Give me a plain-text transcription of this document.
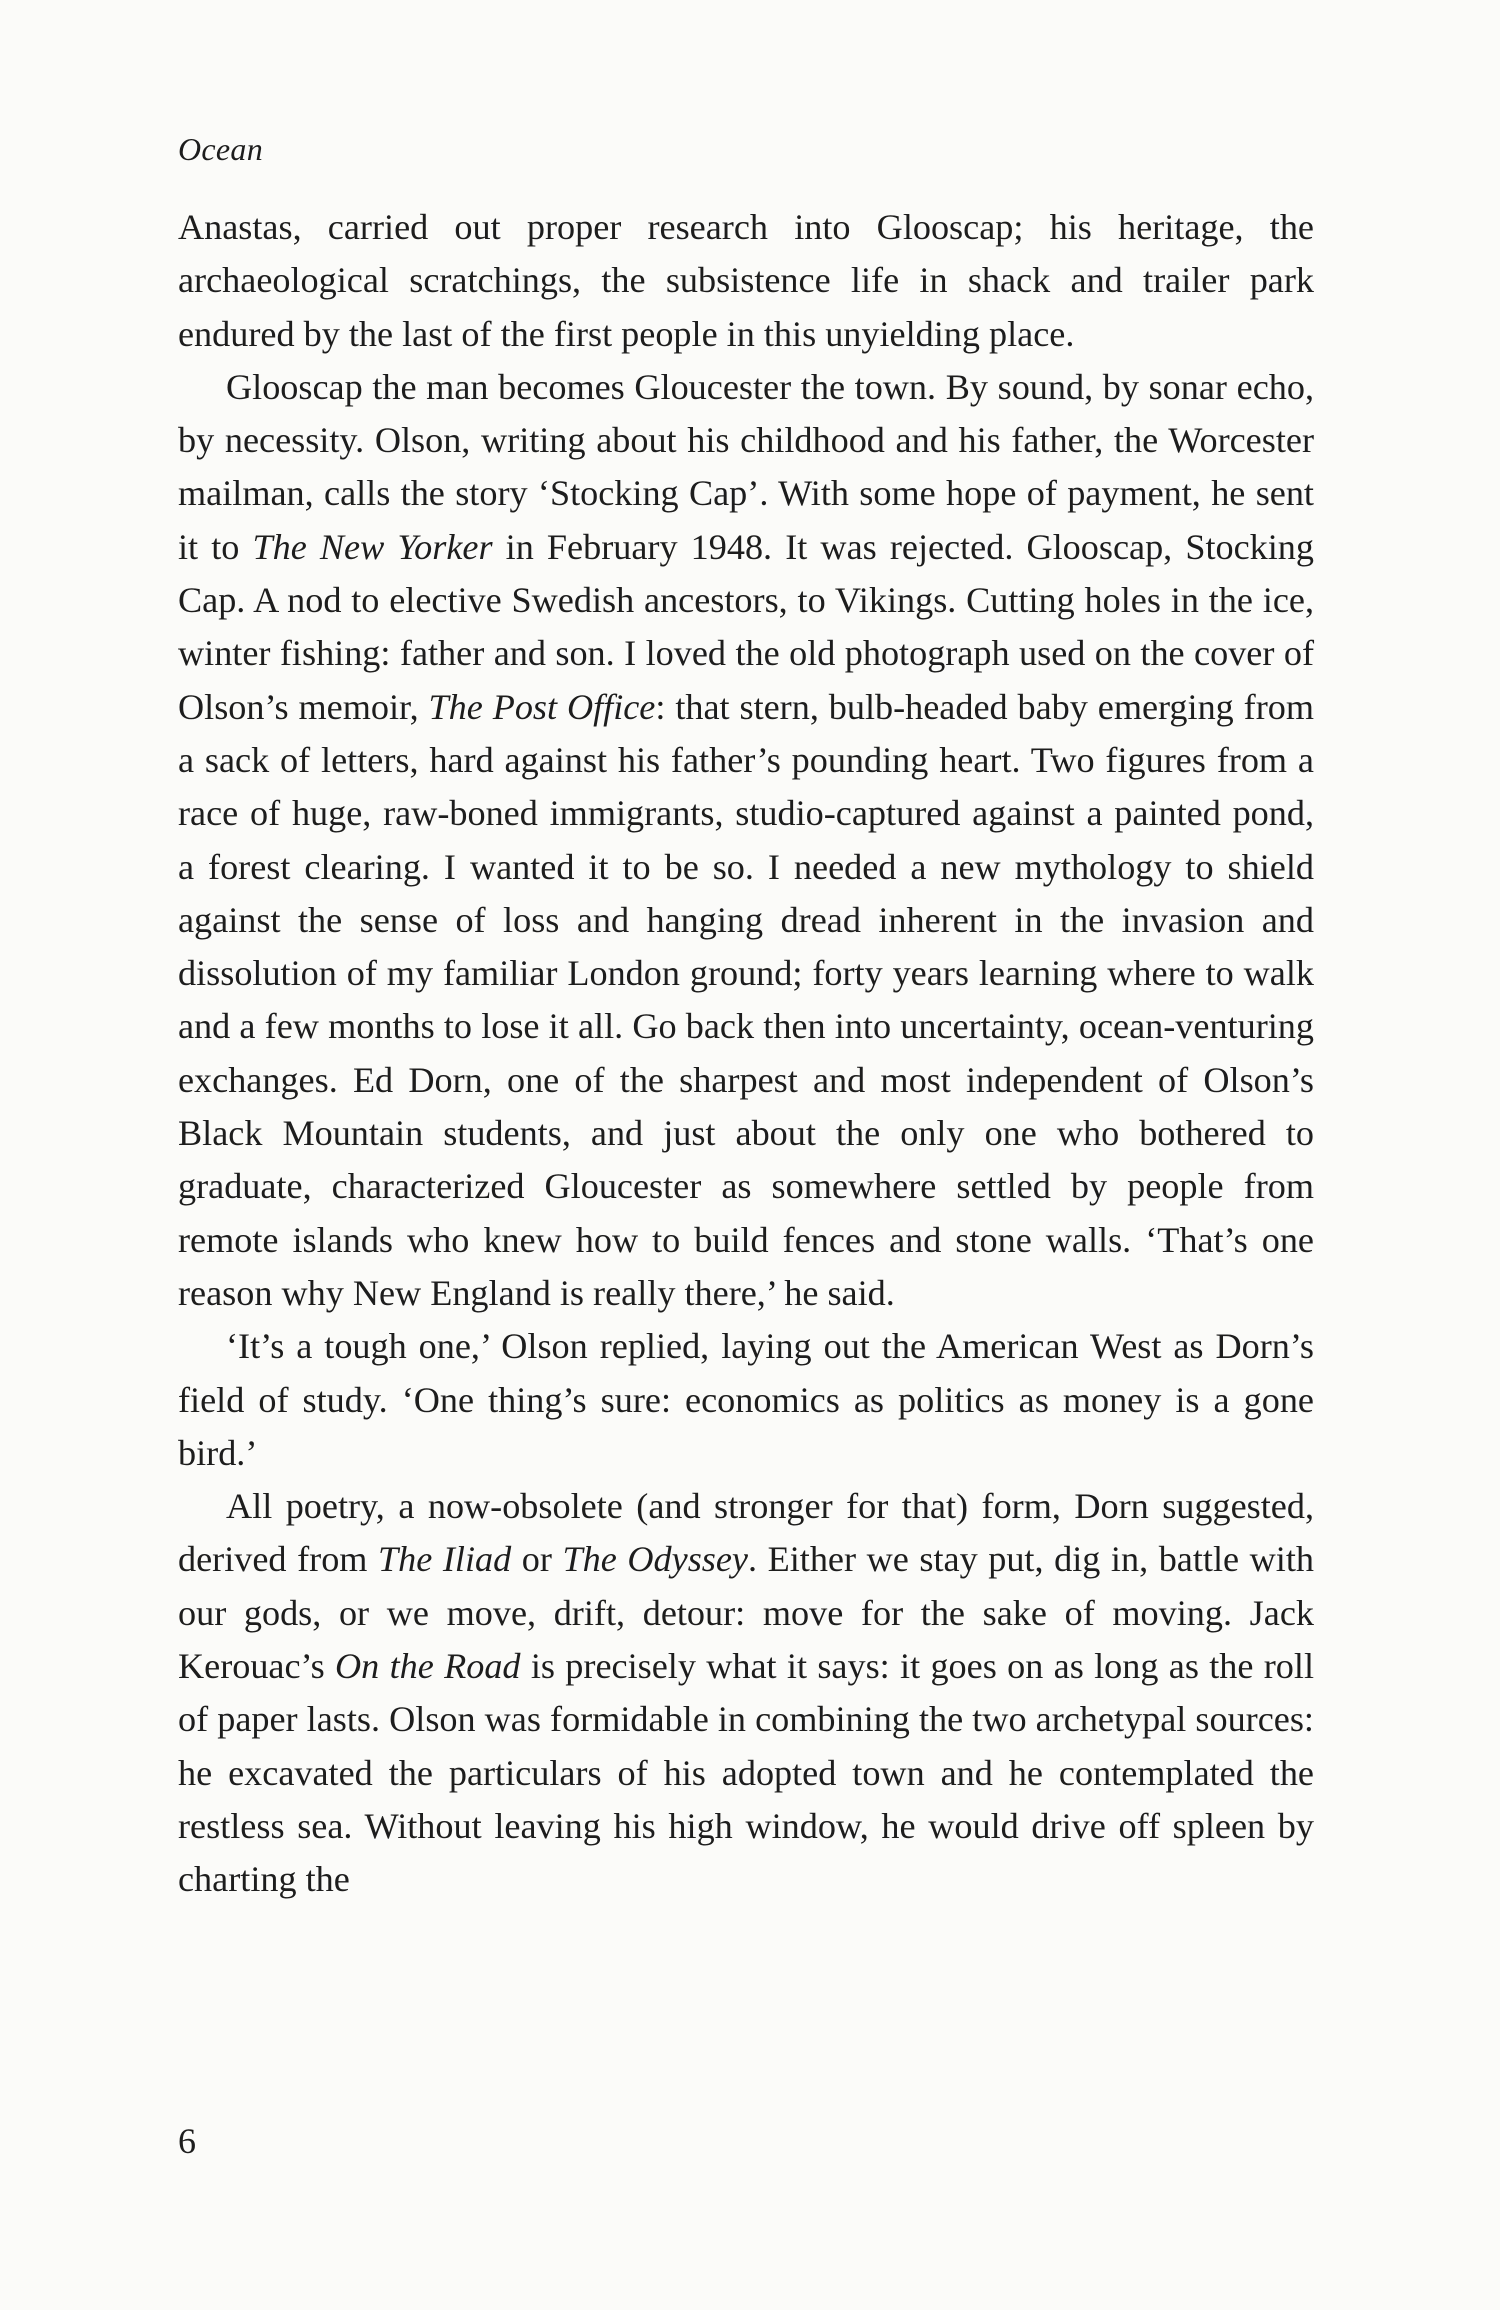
Ocean

Anastas, carried out proper research into Glooscap; his heritage, the archaeological scratchings, the subsistence life in shack and trailer park endured by the last of the first people in this unyielding place.

Glooscap the man becomes Gloucester the town. By sound, by sonar echo, by necessity. Olson, writing about his childhood and his father, the Worcester mailman, calls the story ‘Stocking Cap’. With some hope of payment, he sent it to The New Yorker in February 1948. It was rejected. Glooscap, Stocking Cap. A nod to elective Swedish ancestors, to Vikings. Cutting holes in the ice, winter fishing: father and son. I loved the old photograph used on the cover of Olson’s memoir, The Post Office: that stern, bulb-headed baby emerging from a sack of letters, hard against his father’s pounding heart. Two figures from a race of huge, raw-boned immigrants, studio-captured against a painted pond, a forest clearing. I wanted it to be so. I needed a new mythology to shield against the sense of loss and hanging dread inherent in the invasion and dissolution of my familiar London ground; forty years learning where to walk and a few months to lose it all. Go back then into uncertainty, ocean-venturing exchanges. Ed Dorn, one of the sharpest and most independent of Olson’s Black Mountain students, and just about the only one who bothered to graduate, characterized Gloucester as somewhere settled by people from remote islands who knew how to build fences and stone walls. ‘That’s one reason why New England is really there,’ he said.

‘It’s a tough one,’ Olson replied, laying out the American West as Dorn’s field of study. ‘One thing’s sure: economics as politics as money is a gone bird.’

All poetry, a now-obsolete (and stronger for that) form, Dorn suggested, derived from The Iliad or The Odyssey. Either we stay put, dig in, battle with our gods, or we move, drift, detour: move for the sake of moving. Jack Kerouac’s On the Road is precisely what it says: it goes on as long as the roll of paper lasts. Olson was formidable in combining the two archetypal sources: he excavated the particulars of his adopted town and he contemplated the restless sea. Without leaving his high window, he would drive off spleen by charting the

6
